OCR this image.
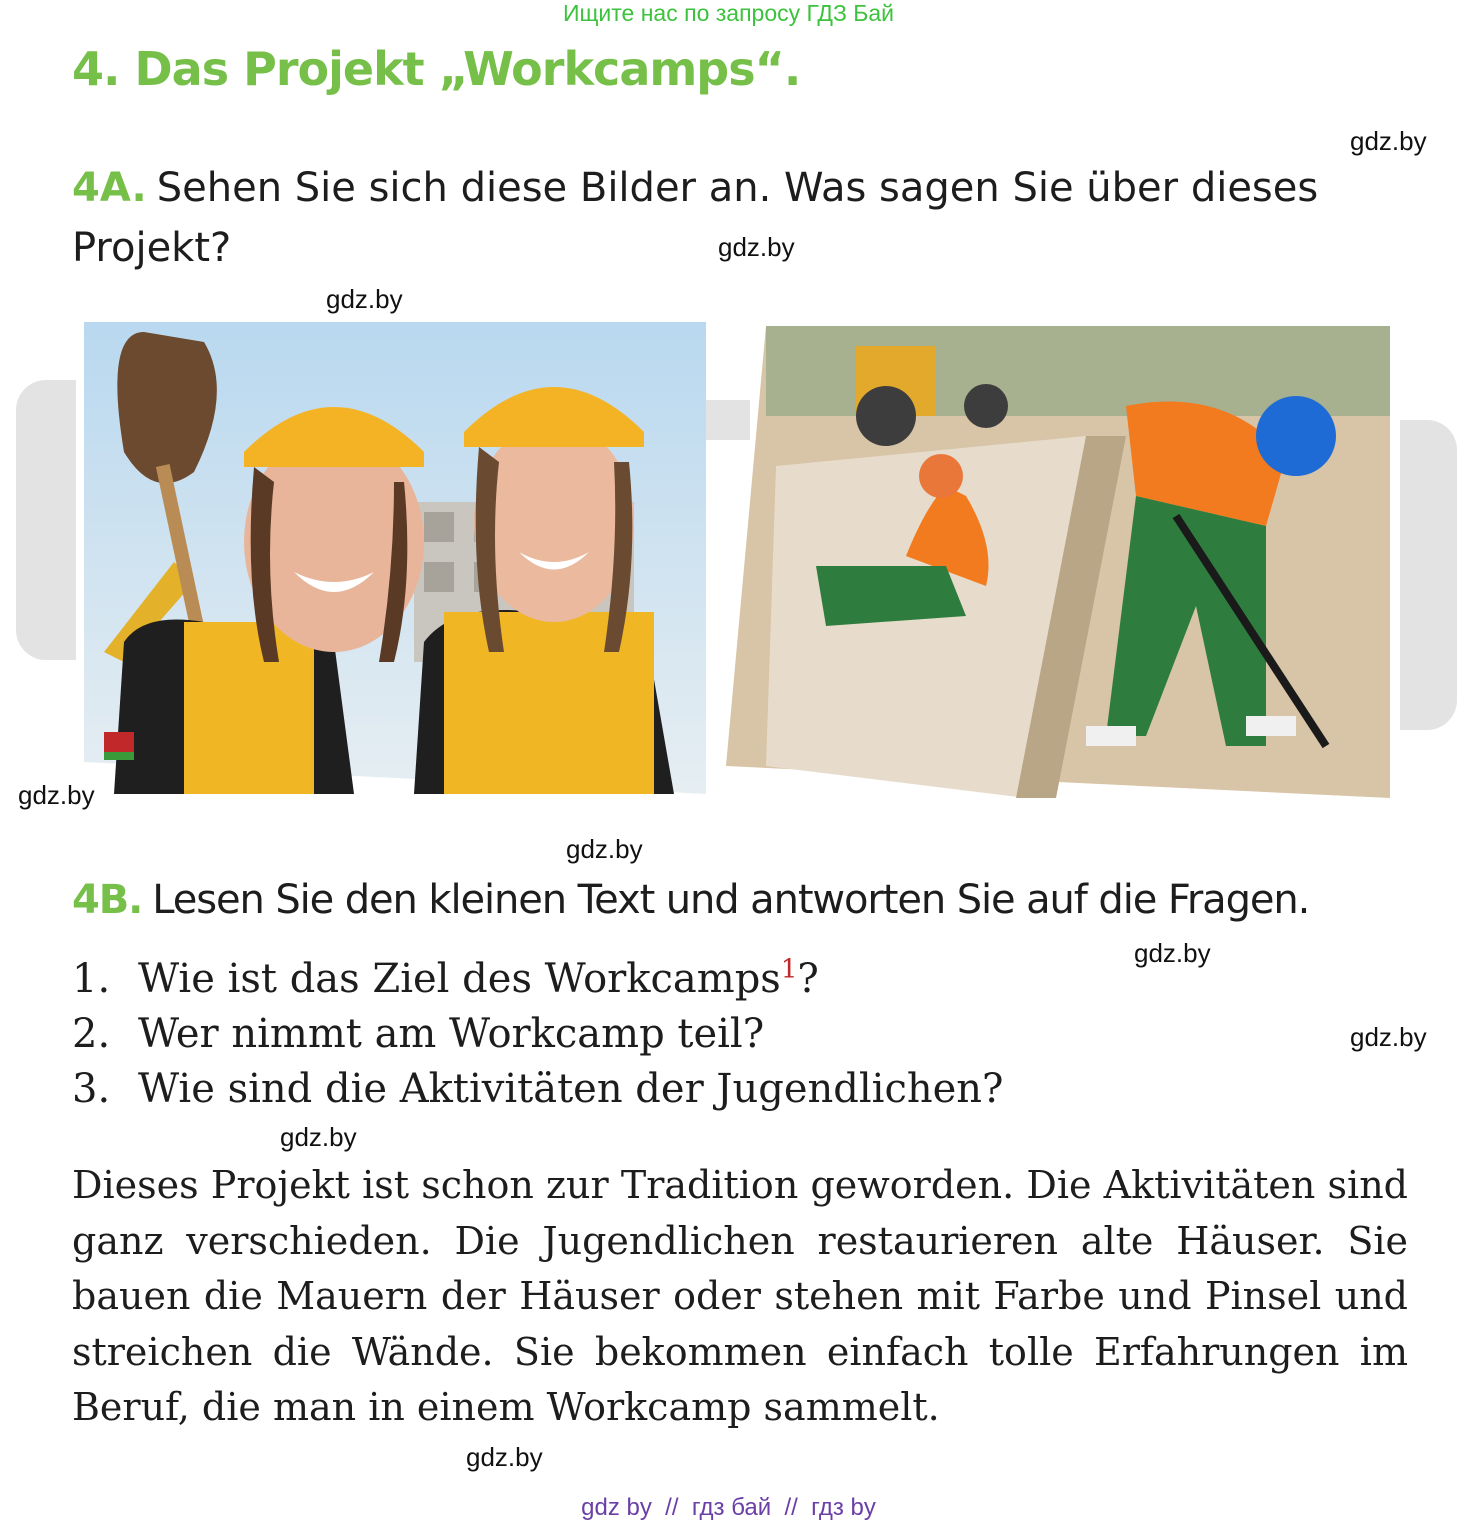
Ищите нас по запросу ГДЗ Бай
4. Das Projekt „Workcamps“.
gdz.by
4A. Sehen Sie sich diese Bilder an. Was sagen Sie über dieses Projekt?	gdz.by
gdz.by
gdz.by
gdz.by
4B. Lesen Sie den kleinen Text und antworten Sie auf die Fragen.
gdz.by
1. Wie ist das Ziel des Workcamps$^1$?
2. Wer nimmt am Workcamp teil?
3. Wie sind die Aktivitäten der Jugendlichen?
gdz.by
gdz.by
Dieses Projekt ist schon zur Tradition geworden. Die Aktivitäten sind ganz verschieden. Die Jugendlichen restaurieren alte Häuser. Sie bauen die Mauern der Häuser oder stehen mit Farbe und Pinsel und streichen die Wände. Sie bekommen einfach tolle Erfahrungen im Beruf, die man in einem Workcamp sammelt.
gdz.by
gdz by  //  гдз бай  //  гдз by
